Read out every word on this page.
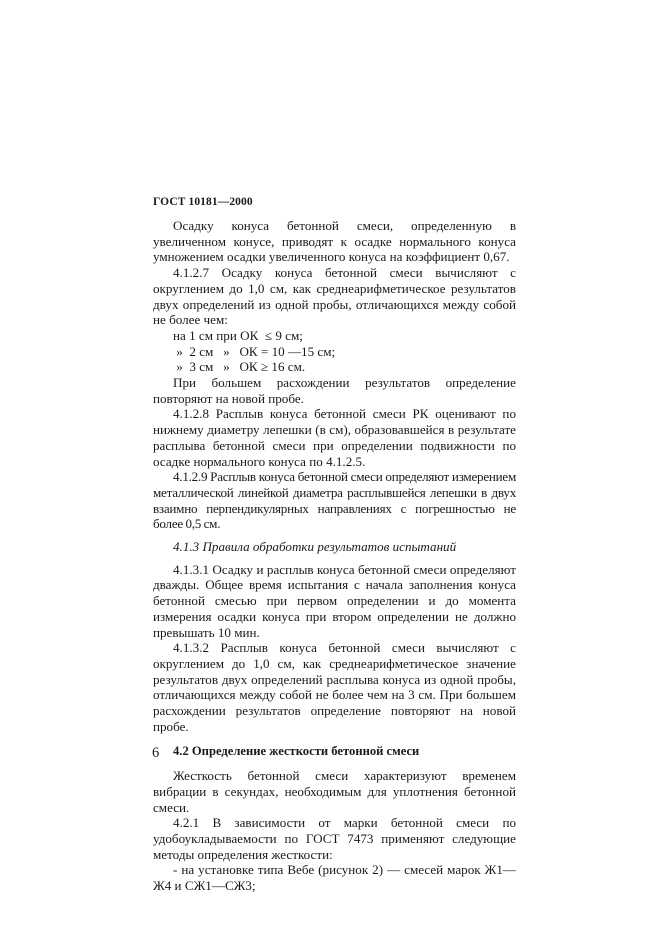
ГОСТ 10181—2000

Осадку конуса бетонной смеси, определенную в увеличенном конусе, приводят к осадке нормального конуса умножением осадки увеличенного конуса на коэффициент 0,67.

4.1.2.7 Осадку конуса бетонной смеси вычисляют с округлением до 1,0 см, как среднеарифметическое результатов двух определений из одной пробы, отличающихся между собой не более чем:

на 1 см при ОК  ≤ 9 см;
»  2 см   »   ОК = 10 —15 см;
»  3 см   »   ОК ≥ 16 см.

При большем расхождении результатов определение повторяют на новой пробе.

4.1.2.8 Расплыв конуса бетонной смеси РК оценивают по нижнему диаметру лепешки (в см), образовавшейся в результате расплыва бетонной смеси при определении подвижности по осадке нормального конуса по 4.1.2.5.

4.1.2.9 Расплыв конуса бетонной смеси определяют измерением металлической линейкой диаметра расплывшейся лепешки в двух взаимно перпендикулярных направлениях с погрешностью не более 0,5 см.

4.1.3 Правила обработки результатов испытаний

4.1.3.1 Осадку и расплыв конуса бетонной смеси определяют дважды. Общее время испытания с начала заполнения конуса бетонной смесью при первом определении и до момента измерения осадки конуса при втором определении не должно превышать 10 мин.

4.1.3.2 Расплыв конуса бетонной смеси вычисляют с округлением до 1,0 см, как среднеарифметическое значение результатов двух определений расплыва конуса из одной пробы, отличающихся между собой не более чем на 3 см. При большем расхождении результатов определение повторяют на новой пробе.

4.2 Определение жесткости бетонной смеси

Жесткость бетонной смеси характеризуют временем вибрации в секундах, необходимым для уплотнения бетонной смеси.

4.2.1 В зависимости от марки бетонной смеси по удобоукладываемости по ГОСТ 7473 применяют следующие методы определения жесткости:

- на установке типа Вебе (рисунок 2) — смесей марок Ж1—Ж4 и СЖ1—СЖ3;

6
